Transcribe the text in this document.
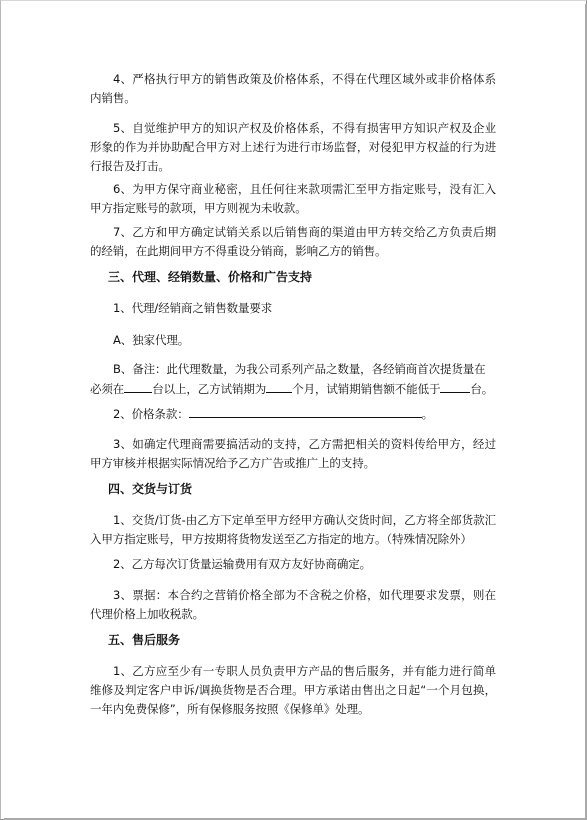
4、严格执行甲方的销售政策及价格体系，不得在代理区域外或非价格体系内销售。

5、自觉维护甲方的知识产权及价格体系，不得有损害甲方知识产权及企业形象的作为并协助配合甲方对上述行为进行市场监督，对侵犯甲方权益的行为进行报告及打击。

6、为甲方保守商业秘密，且任何往来款项需汇至甲方指定账号，没有汇入甲方指定账号的款项，甲方则视为未收款。

7、乙方和甲方确定试销关系以后销售商的渠道由甲方转交给乙方负责后期的经销，在此期间甲方不得重设分销商，影响乙方的销售。

三、代理、经销数量、价格和广告支持

1、代理/经销商之销售数量要求

A、独家代理。

B、备注：此代理数量，为我公司系列产品之数量，各经销商首次提货量在

必须在 台以上，乙方试销期为 个月，试销期销售额不能低于	台。

2、价格条款：	。

3、如确定代理商需要搞活动的支持，乙方需把相关的资料传给甲方，经过甲方审核并根据实际情况给予乙方广告或推广上的支持。

四、交货与订货

1、交货/订货-由乙方下定单至甲方经甲方确认交货时间，乙方将全部货款汇入甲方指定账号，甲方按期将货物发送至乙方指定的地方。（特殊情况除外）

2、乙方每次订货量运输费用有双方友好协商确定。

3、票据：本合约之营销价格全部为不含税之价格，如代理要求发票，则在代理价格上加收税款。

五、售后服务

1、乙方应至少有一专职人员负责甲方产品的售后服务，并有能力进行简单维修及判定客户申诉/调换货物是否合理。甲方承诺由售出之日起“一个月包换，一年内免费保修”，所有保修服务按照《保修单》处理。
